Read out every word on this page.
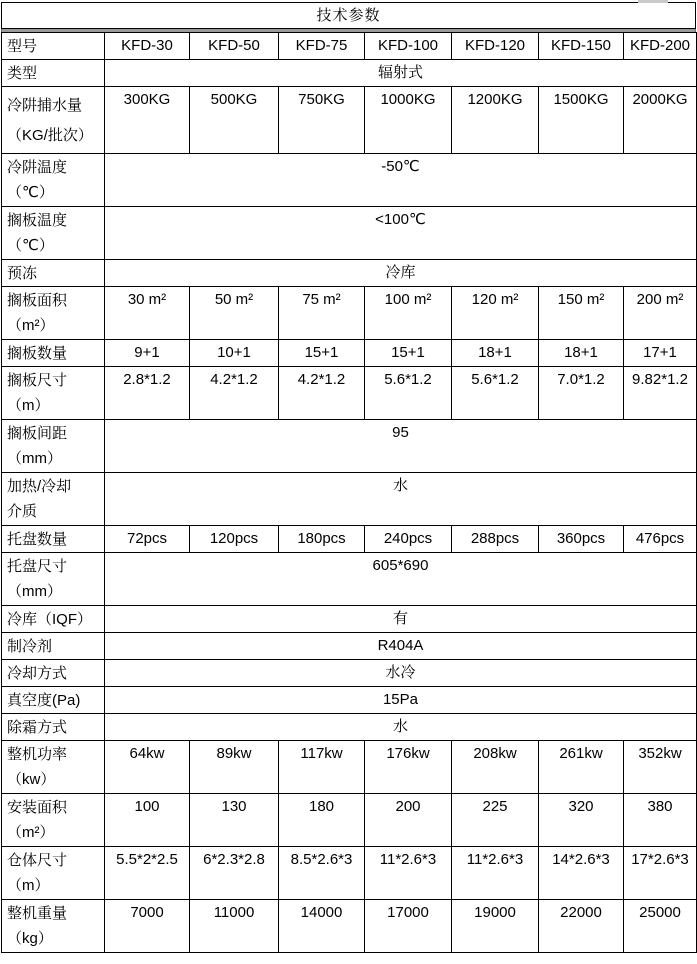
技术参数
型号	KFD-30	KFD-50	KFD-75	KFD-100	KFD-120	KFD-150	KFD-200

类型	辐射式						

冷阱捕水量
（KG/批次）	300KG	500KG	750KG	1000KG	1200KG	1500KG	2000KG

冷阱温度
（℃）	-50℃						

搁板温度
（℃）	<100℃						

预冻	冷库						

搁板面积
（m²）	30 m²	50 m²	75 m²	100 m²	120 m²	150 m²	200 m²

搁板数量	9+1	10+1	15+1	15+1	18+1	18+1	17+1

搁板尺寸
（m）	2.8*1.2	4.2*1.2	4.2*1.2	5.6*1.2	5.6*1.2	7.0*1.2	9.82*1.2

搁板间距
（mm）	95						

加热/冷却
介质	水						

托盘数量	72pcs	120pcs	180pcs	240pcs	288pcs	360pcs	476pcs

托盘尺寸
（mm）	605*690						

冷库（IQF）	有						

制冷剂	R404A						

冷却方式	水冷						

真空度(Pa)	15Pa						

除霜方式	水						

整机功率
（kw）	64kw	89kw	117kw	176kw	208kw	261kw	352kw

安装面积
（m²）	100	130	180	200	225	320	380

仓体尺寸
（m）	5.5*2*2.5	6*2.3*2.8	8.5*2.6*3	11*2.6*3	11*2.6*3	14*2.6*3	17*2.6*3

整机重量
（kg）	7000	11000	14000	17000	19000	22000	25000
